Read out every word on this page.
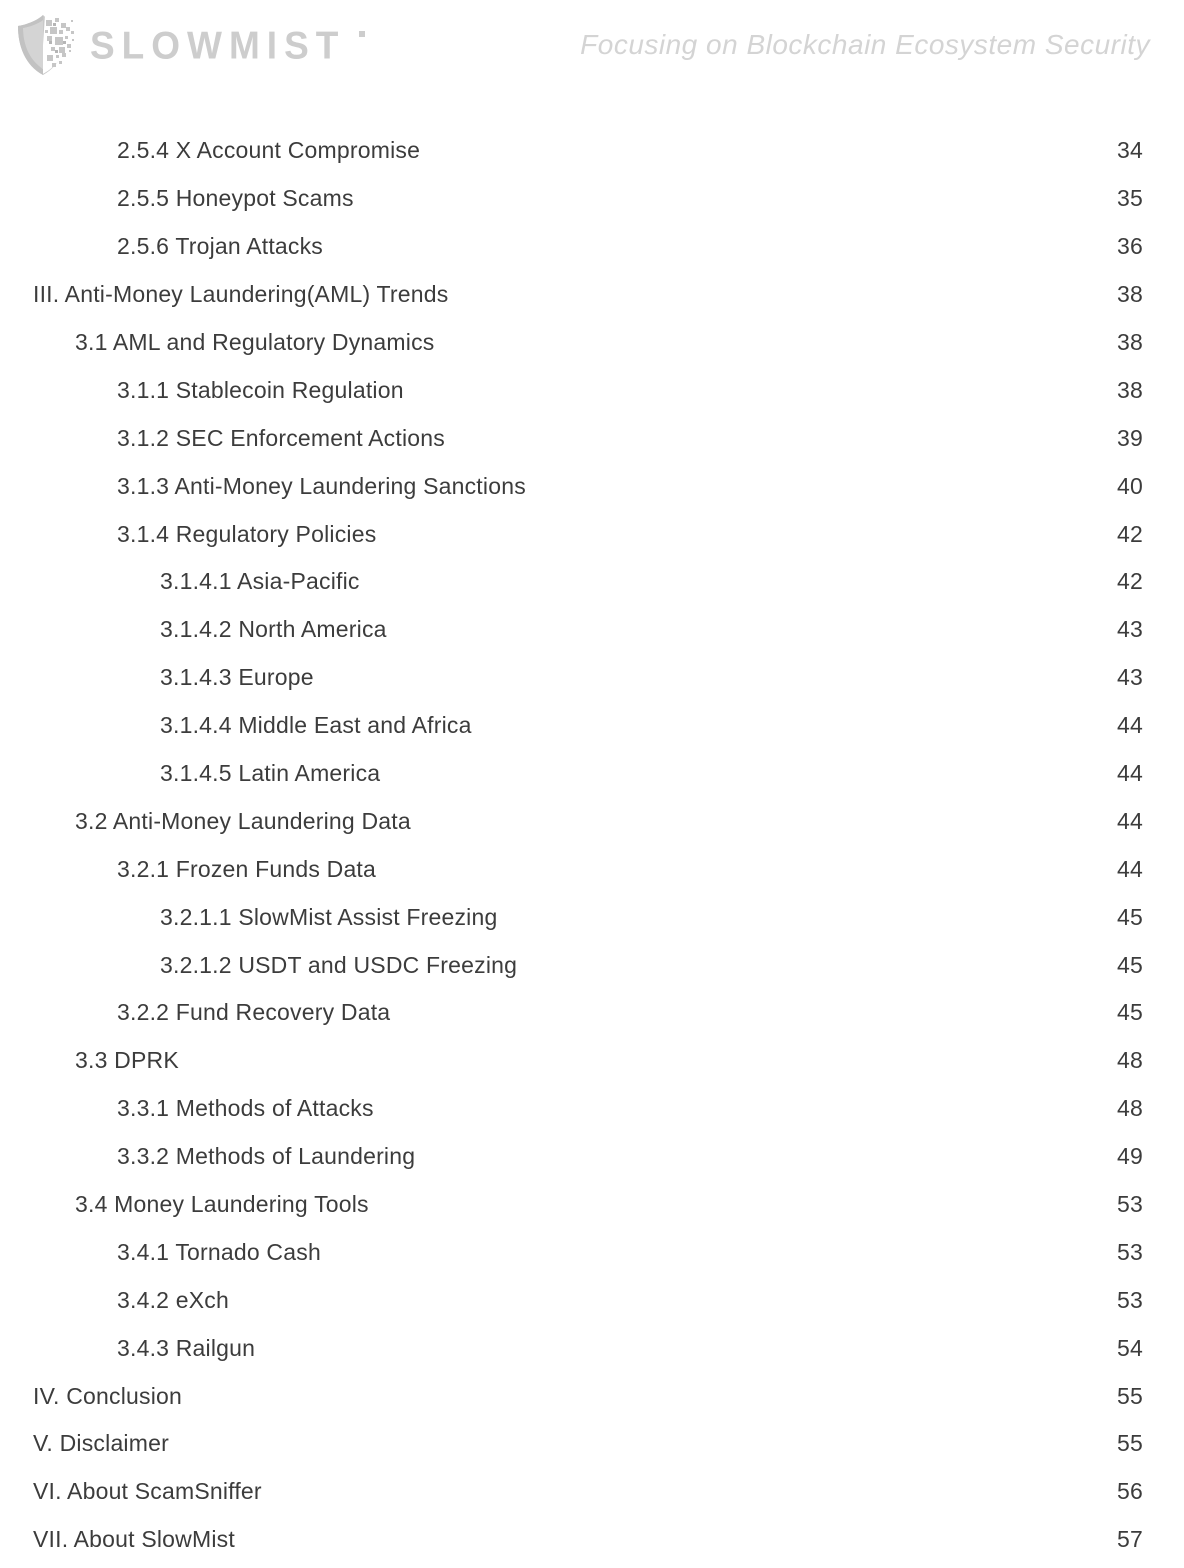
SLOWMIST	Focusing on Blockchain Ecosystem Security
2.5.4 X Account Compromise	34
2.5.5 Honeypot Scams	35
2.5.6 Trojan Attacks	36
III. Anti-Money Laundering(AML) Trends	38
3.1 AML and Regulatory Dynamics	38
3.1.1 Stablecoin Regulation	38
3.1.2 SEC Enforcement Actions	39
3.1.3 Anti-Money Laundering Sanctions	40
3.1.4 Regulatory Policies	42
3.1.4.1 Asia-Pacific	42
3.1.4.2 North America	43
3.1.4.3 Europe	43
3.1.4.4 Middle East and Africa	44
3.1.4.5 Latin America	44
3.2 Anti-Money Laundering Data	44
3.2.1 Frozen Funds Data	44
3.2.1.1 SlowMist Assist Freezing	45
3.2.1.2 USDT and USDC Freezing	45
3.2.2 Fund Recovery Data	45
3.3 DPRK	48
3.3.1 Methods of Attacks	48
3.3.2 Methods of Laundering	49
3.4 Money Laundering Tools	53
3.4.1 Tornado Cash	53
3.4.2 eXch	53
3.4.3 Railgun	54
IV. Conclusion	55
V. Disclaimer	55
VI. About ScamSniffer	56
VII. About SlowMist	57
